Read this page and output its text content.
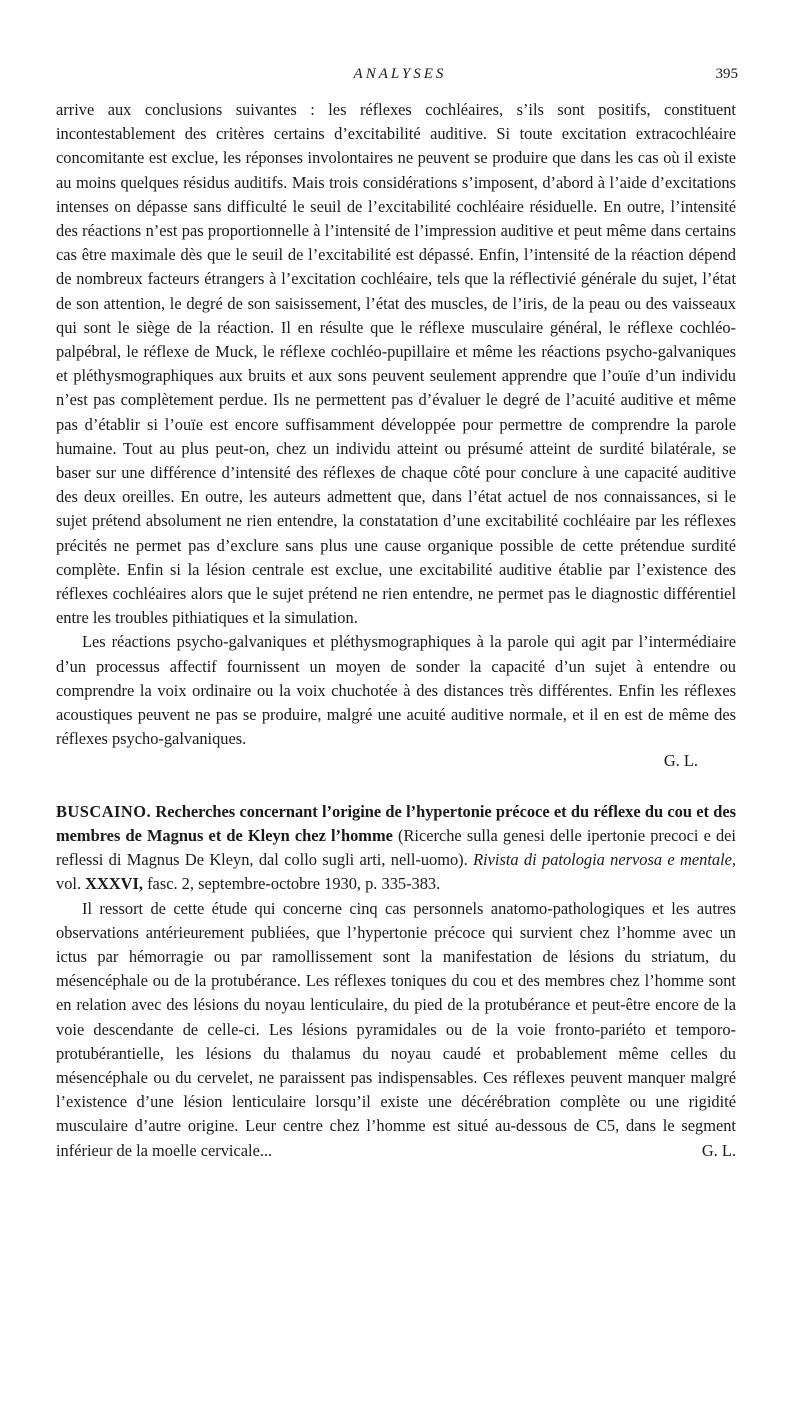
ANALYSES	395

arrive aux conclusions suivantes : les réflexes cochléaires, s’ils sont positifs, constituent incontestablement des critères certains d’excitabilité auditive. Si toute excitation extracochléaire concomitante est exclue, les réponses involontaires ne peuvent se produire que dans les cas où il existe au moins quelques résidus auditifs. Mais trois considérations s’imposent, d’abord à l’aide d’excitations intenses on dépasse sans difficulté le seuil de l’excitabilité cochléaire résiduelle. En outre, l’intensité des réactions n’est pas proportionnelle à l’intensité de l’impression auditive et peut même dans certains cas être maximale dès que le seuil de l’excitabilité est dépassé. Enfin, l’intensité de la réaction dépend de nombreux facteurs étrangers à l’excitation cochléaire, tels que la réflectivié générale du sujet, l’état de son attention, le degré de son saisissement, l’état des muscles, de l’iris, de la peau ou des vaisseaux qui sont le siège de la réaction. Il en résulte que le réflexe musculaire général, le réflexe cochléo-palpébral, le réflexe de Muck, le réflexe cochléo-pupillaire et même les réactions psycho-galvaniques et pléthysmographiques aux bruits et aux sons peuvent seulement apprendre que l’ouïe d’un individu n’est pas complètement perdue. Ils ne permettent pas d’évaluer le degré de l’acuité auditive et même pas d’établir si l’ouïe est encore suffisamment développée pour permettre de comprendre la parole humaine. Tout au plus peut-on, chez un individu atteint ou présumé atteint de surdité bilatérale, se baser sur une différence d’intensité des réflexes de chaque côté pour conclure à une capacité auditive des deux oreilles. En outre, les auteurs admettent que, dans l’état actuel de nos connaissances, si le sujet prétend absolument ne rien entendre, la constatation d’une excitabilité cochléaire par les réflexes précités ne permet pas d’exclure sans plus une cause organique possible de cette prétendue surdité complète. Enfin si la lésion centrale est exclue, une excitabilité auditive établie par l’existence des réflexes cochléaires alors que le sujet prétend ne rien entendre, ne permet pas le diagnostic différentiel entre les troubles pithiatiques et la simulation.

Les réactions psycho-galvaniques et pléthysmographiques à la parole qui agit par l’intermédiaire d’un processus affectif fournissent un moyen de sonder la capacité d’un sujet à entendre ou comprendre la voix ordinaire ou la voix chuchotée à des distances très différentes. Enfin les réflexes acoustiques peuvent ne pas se produire, malgré une acuité auditive normale, et il en est de même des réflexes psycho-galvaniques.

G. L.

BUSCAINO. Recherches concernant l’origine de l’hypertonie précoce et du réflexe du cou et des membres de Magnus et de Kleyn chez l’homme (Ricerche sulla genesi delle ipertonie precoci e dei reflessi di Magnus De Kleyn, dal collo sugli arti, nell-uomo). Rivista di patologia nervosa e mentale, vol. XXXVI, fasc. 2, septembre-octobre 1930, p. 335-383.

Il ressort de cette étude qui concerne cinq cas personnels anatomo-pathologiques et les autres observations antérieurement publiées, que l’hypertonie précoce qui survient chez l’homme avec un ictus par hémorragie ou par ramollissement sont la manifestation de lésions du striatum, du mésencéphale ou de la protubérance. Les réflexes toniques du cou et des membres chez l’homme sont en relation avec des lésions du noyau lenticulaire, du pied de la protubérance et peut-être encore de la voie descendante de celle-ci. Les lésions pyramidales ou de la voie fronto-pariéto et temporo-protubérantielle, les lésions du thalamus du noyau caudé et probablement même celles du mésencéphale ou du cervelet, ne paraissent pas indispensables. Ces réflexes peuvent manquer malgré l’existence d’une lésion lenticulaire lorsqu’il existe une décérébration complète ou une rigidité musculaire d’autre origine. Leur centre chez l’homme est situé au-dessous de C5, dans le segment inférieur de la moelle cervicale...	G. L.
